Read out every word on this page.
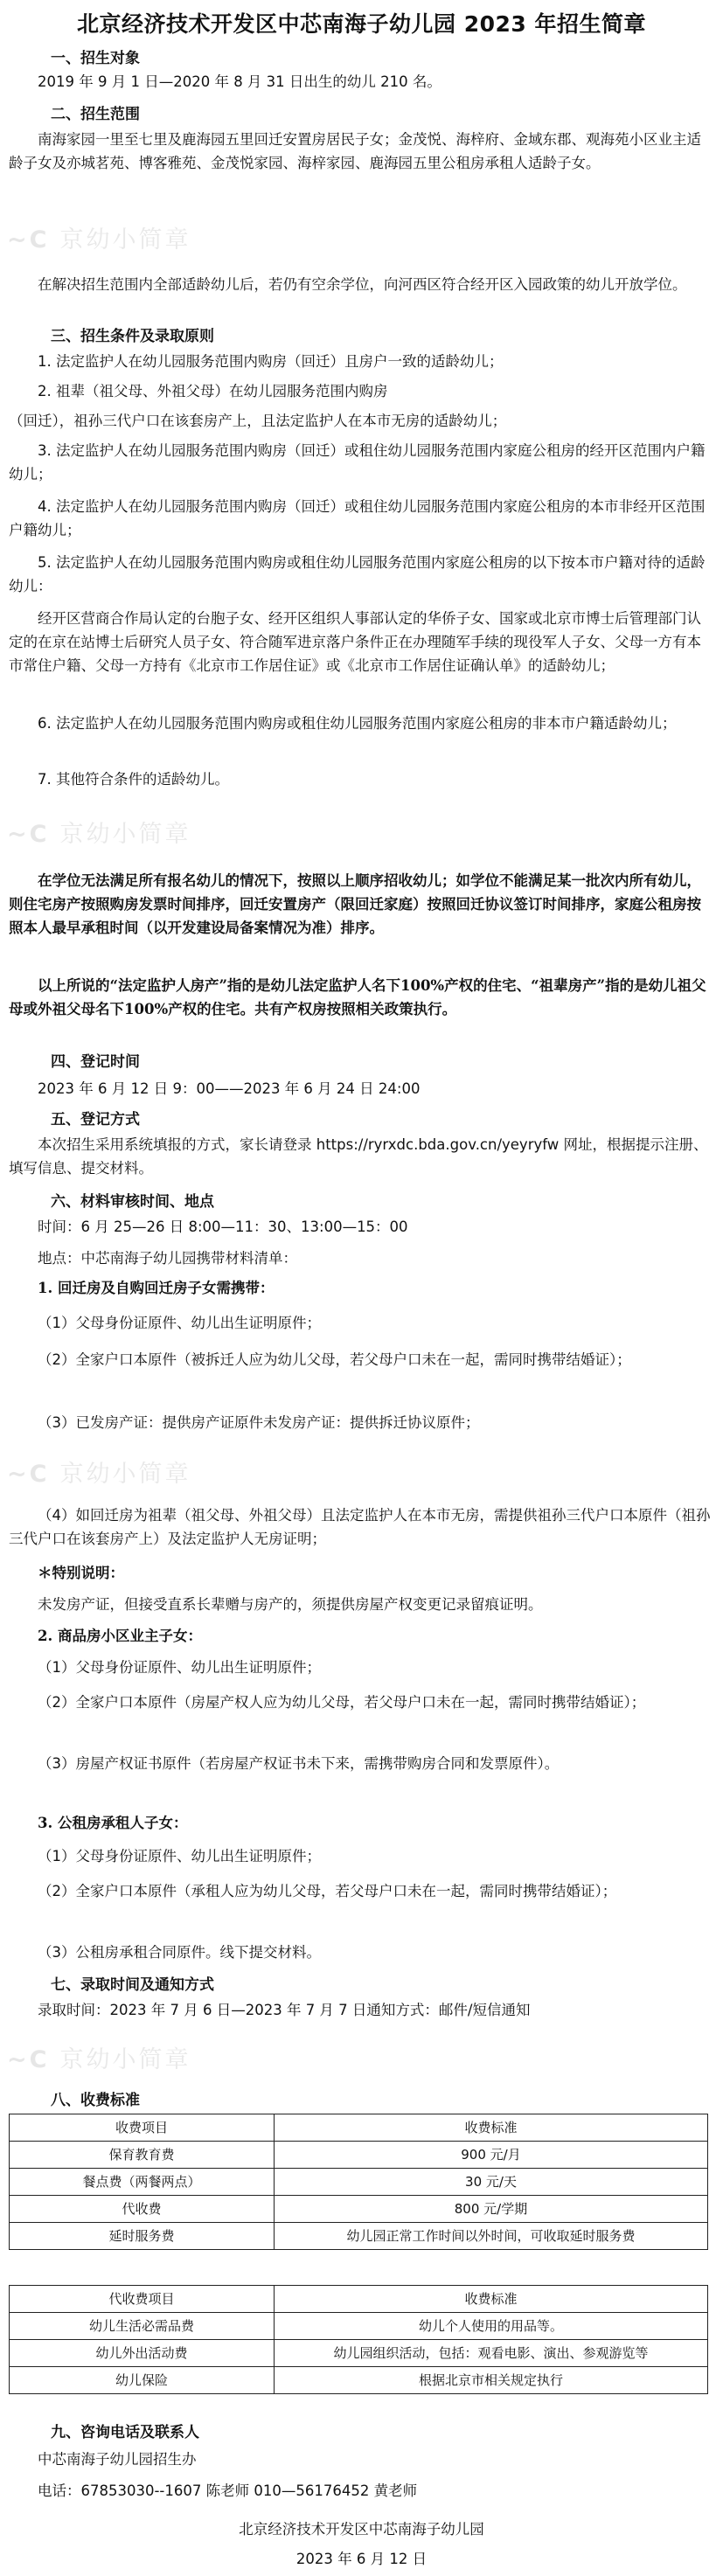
北京经济技术开发区中芯南海子幼儿园 2023 年招生简章
一、招生对象

2019 年 9 月 1 日—2020 年 8 月 31 日出生的幼儿 210 名。

二、招生范围

南海家园一里至七里及鹿海园五里回迁安置房居民子女；金茂悦、海梓府、金域东郡、观海苑小区业主适龄子女及亦城茗苑、博客雅苑、金茂悦家园、海梓家园、鹿海园五里公租房承租人适龄子女。

~C 京幼小简章

在解决招生范围内全部适龄幼儿后，若仍有空余学位，向河西区符合经开区入园政策的幼儿开放学位。

三、招生条件及录取原则

1. 法定监护人在幼儿园服务范围内购房（回迁）且房户一致的适龄幼儿；

2. 祖辈（祖父母、外祖父母）在幼儿园服务范围内购房

（回迁），祖孙三代户口在该套房产上，且法定监护人在本市无房的适龄幼儿；

3. 法定监护人在幼儿园服务范围内购房（回迁）或租住幼儿园服务范围内家庭公租房的经开区范围内户籍幼儿；

4. 法定监护人在幼儿园服务范围内购房（回迁）或租住幼儿园服务范围内家庭公租房的本市非经开区范围户籍幼儿；

5. 法定监护人在幼儿园服务范围内购房或租住幼儿园服务范围内家庭公租房的以下按本市户籍对待的适龄幼儿：

经开区营商合作局认定的台胞子女、经开区组织人事部认定的华侨子女、国家或北京市博士后管理部门认定的在京在站博士后研究人员子女、符合随军进京落户条件正在办理随军手续的现役军人子女、父母一方有本市常住户籍、父母一方持有《北京市工作居住证》或《北京市工作居住证确认单》的适龄幼儿；

6. 法定监护人在幼儿园服务范围内购房或租住幼儿园服务范围内家庭公租房的非本市户籍适龄幼儿；

7. 其他符合条件的适龄幼儿。

~C 京幼小简章

在学位无法满足所有报名幼儿的情况下，按照以上顺序招收幼儿；如学位不能满足某一批次内所有幼儿，则住宅房产按照购房发票时间排序，回迁安置房产（限回迁家庭）按照回迁协议签订时间排序，家庭公租房按照本人最早承租时间（以开发建设局备案情况为准）排序。

以上所说的“法定监护人房产”指的是幼儿法定监护人名下100%产权的住宅、“祖辈房产”指的是幼儿祖父母或外祖父母名下100%产权的住宅。共有产权房按照相关政策执行。

四、登记时间

2023 年 6 月 12 日 9：00——2023 年 6 月 24 日 24:00

五、登记方式

本次招生采用系统填报的方式，家长请登录 https://ryrxdc.bda.gov.cn/yeyryfw 网址，根据提示注册、填写信息、提交材料。

六、材料审核时间、地点

时间：6 月 25—26 日 8:00—11：30、13:00—15：00

地点：中芯南海子幼儿园携带材料清单：

1. 回迁房及自购回迁房子女需携带：

（1）父母身份证原件、幼儿出生证明原件；

（2）全家户口本原件（被拆迁人应为幼儿父母，若父母户口未在一起，需同时携带结婚证）；

（3）已发房产证：提供房产证原件未发房产证：提供拆迁协议原件；

~C 京幼小简章

（4）如回迁房为祖辈（祖父母、外祖父母）且法定监护人在本市无房，需提供祖孙三代户口本原件（祖孙三代户口在该套房产上）及法定监护人无房证明；

＊特别说明：

未发房产证，但接受直系长辈赠与房产的，须提供房屋产权变更记录留痕证明。

2. 商品房小区业主子女：

（1）父母身份证原件、幼儿出生证明原件；

（2）全家户口本原件（房屋产权人应为幼儿父母，若父母户口未在一起，需同时携带结婚证）；

（3）房屋产权证书原件（若房屋产权证书未下来，需携带购房合同和发票原件）。

3. 公租房承租人子女：

（1）父母身份证原件、幼儿出生证明原件；

（2）全家户口本原件（承租人应为幼儿父母，若父母户口未在一起，需同时携带结婚证）；

（3）公租房承租合同原件。线下提交材料。

七、录取时间及通知方式

录取时间：2023 年 7 月 6 日—2023 年 7 月 7 日通知方式：邮件/短信通知

~C 京幼小简章
八、收费标准
收费项目	收费标准
保育教育费	900 元/月
餐点费（两餐两点）	30 元/天
代收费	800 元/学期
延时服务费	幼儿园正常工作时间以外时间，可收取延时服务费
代收费项目	收费标准
幼儿生活必需品费	幼儿个人使用的用品等。
幼儿外出活动费	幼儿园组织活动，包括：观看电影、演出、参观游览等
幼儿保险	根据北京市相关规定执行
九、咨询电话及联系人

中芯南海子幼儿园招生办

电话：67853030--1607 陈老师 010—56176452 黄老师

北京经济技术开发区中芯南海子幼儿园
2023 年 6 月 12 日
